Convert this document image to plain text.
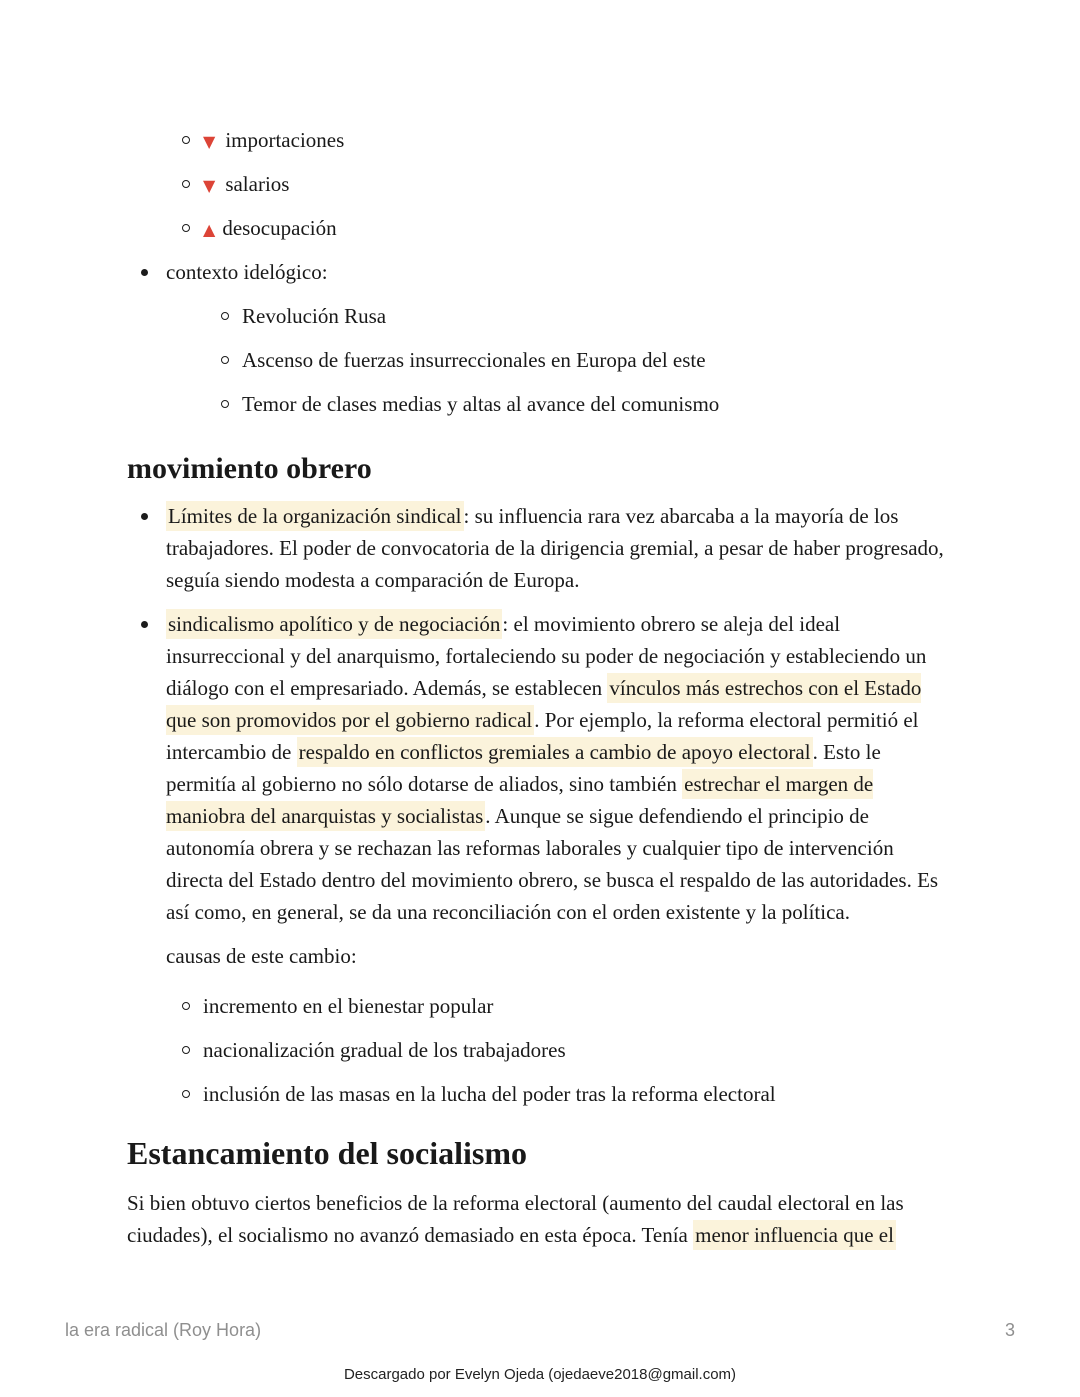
▼ importaciones
▼ salarios
▲ desocupación
contexto idelógico:
Revolución Rusa
Ascenso de fuerzas insurreccionales en Europa del este
Temor de clases medias y altas al avance del comunismo
movimiento obrero
Límites de la organización sindical: su influencia rara vez abarcaba a la mayoría de los trabajadores. El poder de convocatoria de la dirigencia gremial, a pesar de haber progresado, seguía siendo modesta a comparación de Europa.
sindicalismo apolítico y de negociación: el movimiento obrero se aleja del ideal insurreccional y del anarquismo, fortaleciendo su poder de negociación y estableciendo un diálogo con el empresariado. Además, se establecen vínculos más estrechos con el Estado que son promovidos por el gobierno radical. Por ejemplo, la reforma electoral permitió el intercambio de respaldo en conflictos gremiales a cambio de apoyo electoral. Esto le permitía al gobierno no sólo dotarse de aliados, sino también estrechar el margen de maniobra del anarquistas y socialistas. Aunque se sigue defendiendo el principio de autonomía obrera y se rechazan las reformas laborales y cualquier tipo de intervención directa del Estado dentro del movimiento obrero, se busca el respaldo de las autoridades. Es así como, en general, se da una reconciliación con el orden existente y la política.

causas de este cambio:

incremento en el bienestar popular
nacionalización gradual de los trabajadores
inclusión de las masas en la lucha del poder tras la reforma electoral
Estancamiento del socialismo

Si bien obtuvo ciertos beneficios de la reforma electoral (aumento del caudal electoral en las ciudades), el socialismo no avanzó demasiado en esta época. Tenía menor influencia que el

la era radical (Roy Hora)	3
Descargado por Evelyn Ojeda (ojedaeve2018@gmail.com)
